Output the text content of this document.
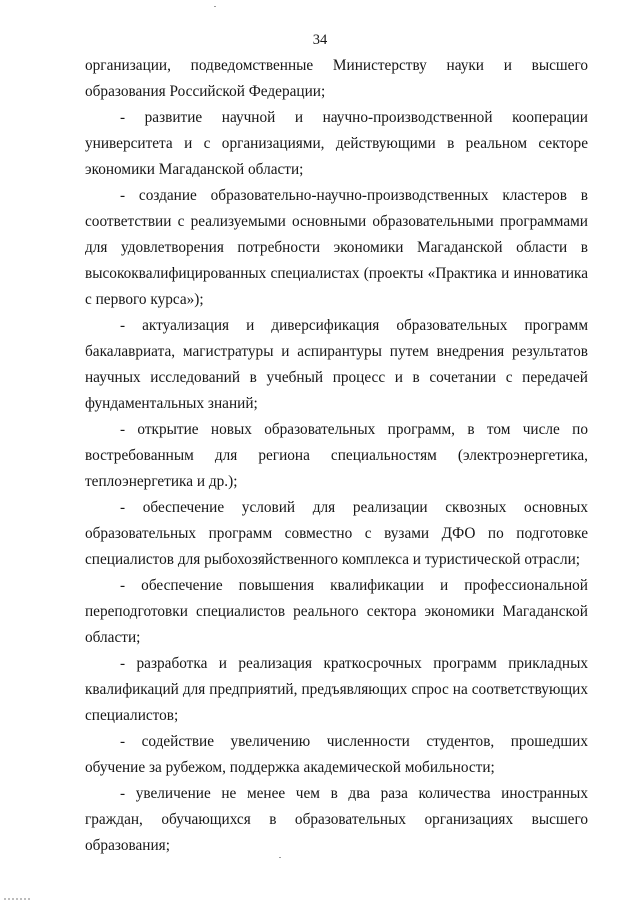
34

организации, подведомственные Министерству науки и высшего образования Российской Федерации;

- развитие научной и научно-производственной кооперации университета и с организациями, действующими в реальном секторе экономики Магаданской области;

- создание образовательно-научно-производственных кластеров в соответствии с реализуемыми основными образовательными программами для удовлетворения потребности экономики Магаданской области в высококвалифицированных специалистах (проекты «Практика и инноватика с первого курса»);

- актуализация и диверсификация образовательных программ бакалавриата, магистратуры и аспирантуры путем внедрения результатов научных исследований в учебный процесс и в сочетании с передачей фундаментальных знаний;

- открытие новых образовательных программ, в том числе по востребованным для региона специальностям (электроэнергетика, теплоэнергетика и др.);

- обеспечение условий для реализации сквозных основных образовательных программ совместно с вузами ДФО по подготовке специалистов для рыбохозяйственного комплекса и туристической отрасли;

- обеспечение повышения квалификации и профессиональной переподготовки специалистов реального сектора экономики Магаданской области;

- разработка и реализация краткосрочных программ прикладных квалификаций для предприятий, предъявляющих спрос на соответствующих специалистов;

- содействие увеличению численности студентов, прошедших обучение за рубежом, поддержка академической мобильности;

- увеличение не менее чем в два раза количества иностранных граждан, обучающихся в образовательных организациях высшего образования;
